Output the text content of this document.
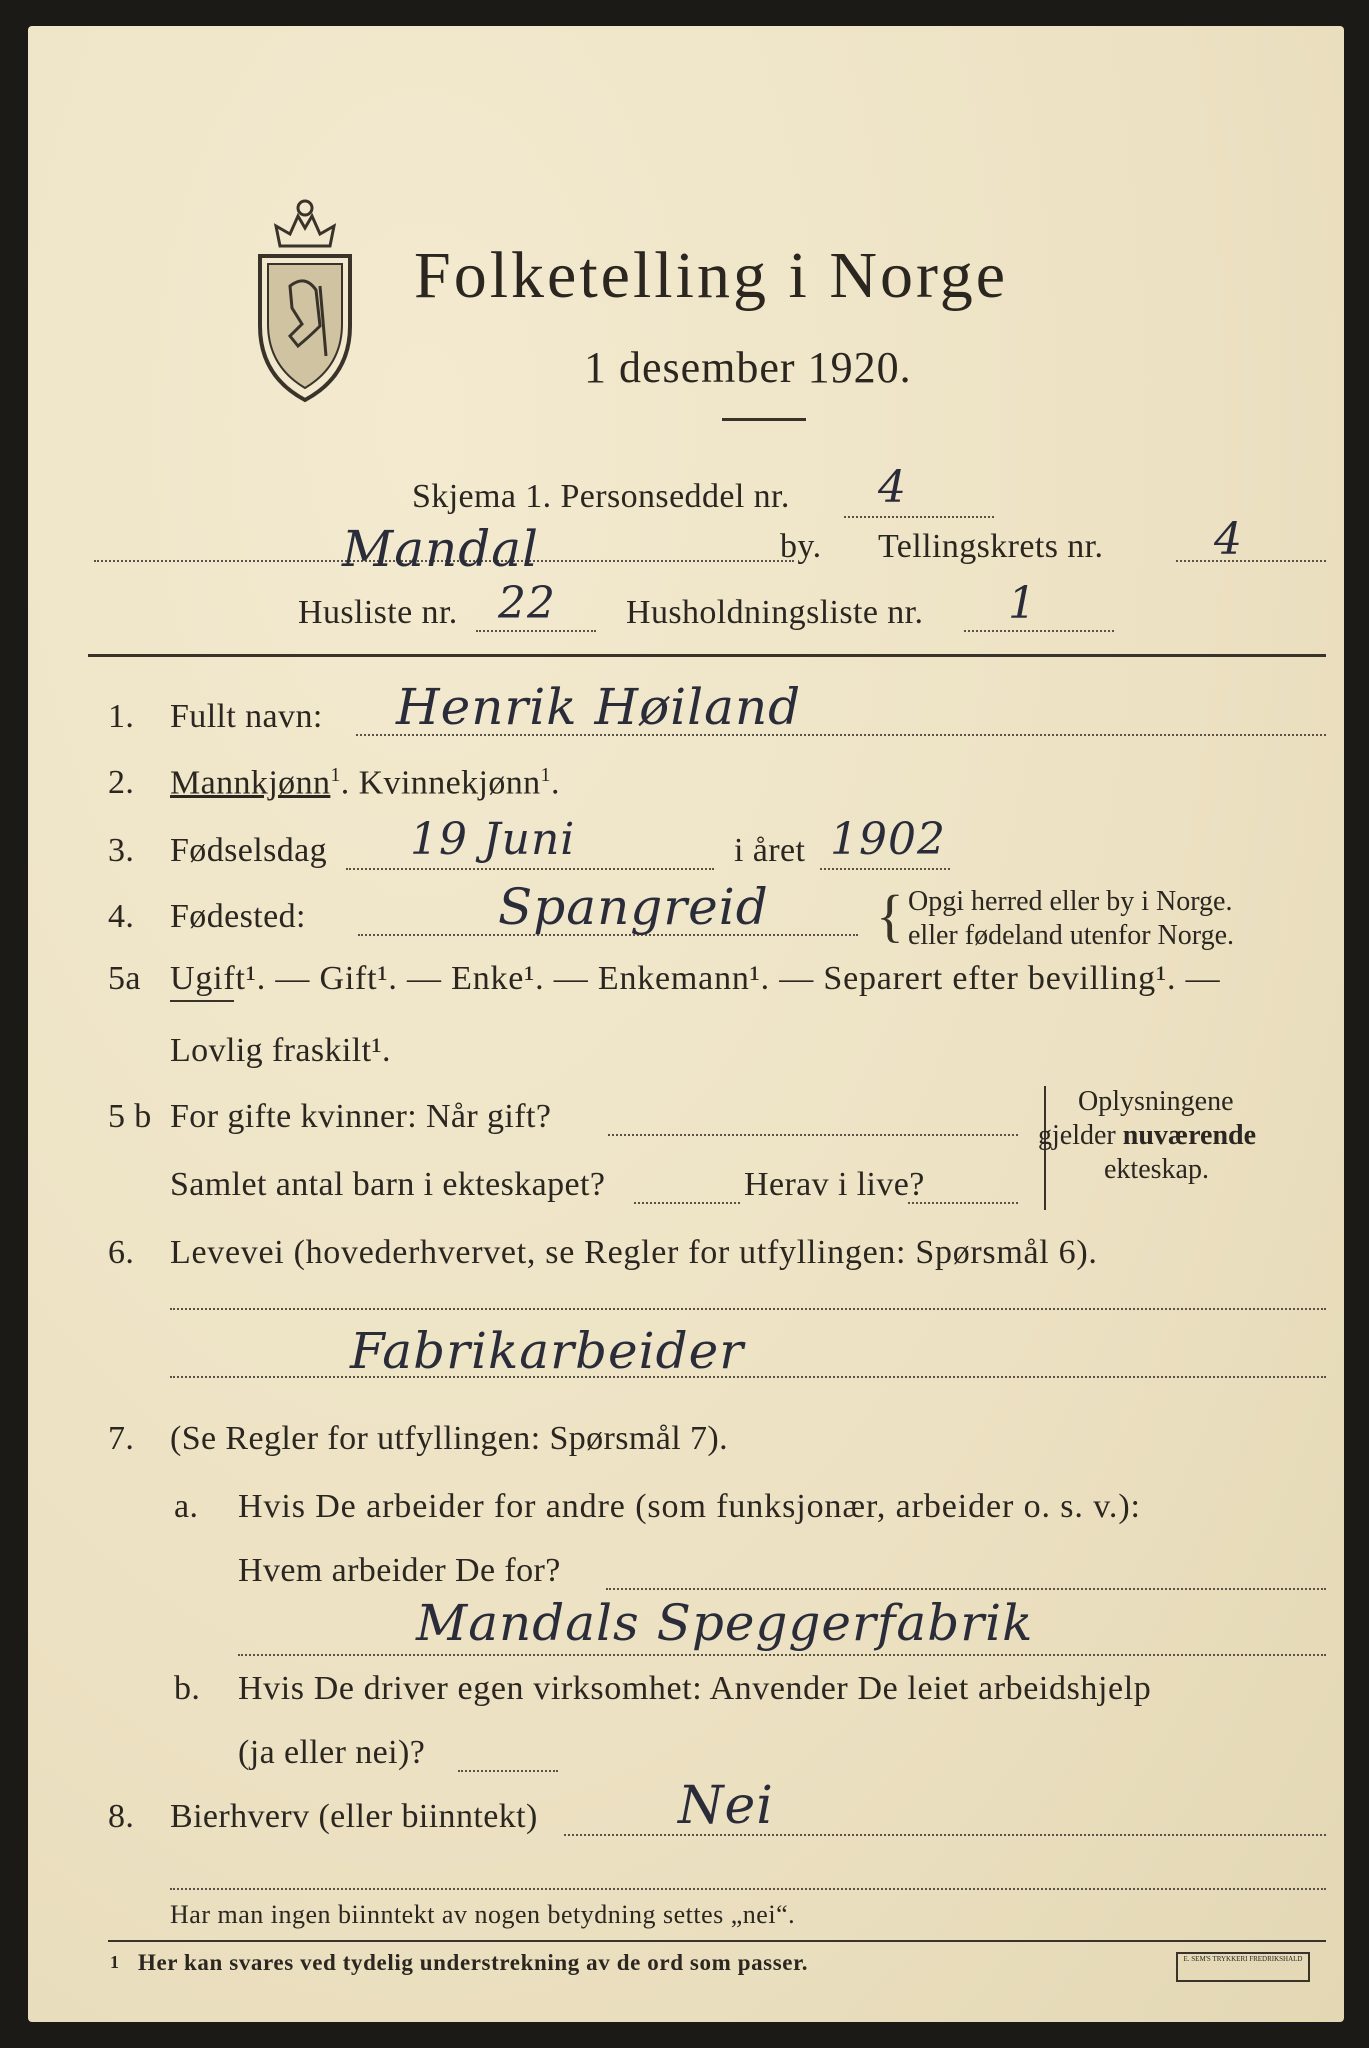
Folketelling i Norge
1 desember 1920.
Skjema 1. Personseddel nr. 4
Mandal	by. Tellingskrets nr.	4
Husliste nr. 22 Husholdningsliste nr. 1
1. Fullt navn: Henrik Høiland
2. Mannkjønn$^1$. Kvinnekjønn$^1$.
3. Fødselsdag 19 Juni	i året 1902
4. Fødested:	Spangreid { Opgi herred eller by i Norge.
eller fødeland utenfor Norge.
5a Ugift¹. — Gift¹. — Enke¹. — Enkemann¹. — Separert efter bevilling¹. —
Lovlig fraskilt¹.
5 b For gifte kvinner: Når gift?
Samlet antal barn i ekteskapet?	Herav i live?
Oplysningene
gjelder nuværende
ekteskap.
6. Levevei (hovederhvervet, se Regler for utfyllingen: Spørsmål 6).
Fabrikarbeider
7. (Se Regler for utfyllingen: Spørsmål 7).
a. Hvis De arbeider for andre (som funksjonær, arbeider o. s. v.):
Hvem arbeider De for?
Mandals Speggerfabrik
b. Hvis De driver egen virksomhet: Anvender De leiet arbeidshjelp
(ja eller nei)?
8. Bierhverv (eller biinntekt)	Nei
Har man ingen biinntekt av nogen betydning settes „nei“.
1 Her kan svares ved tydelig understrekning av de ord som passer.	E. SEM'S TRYKKERI FREDRIKSHALD
